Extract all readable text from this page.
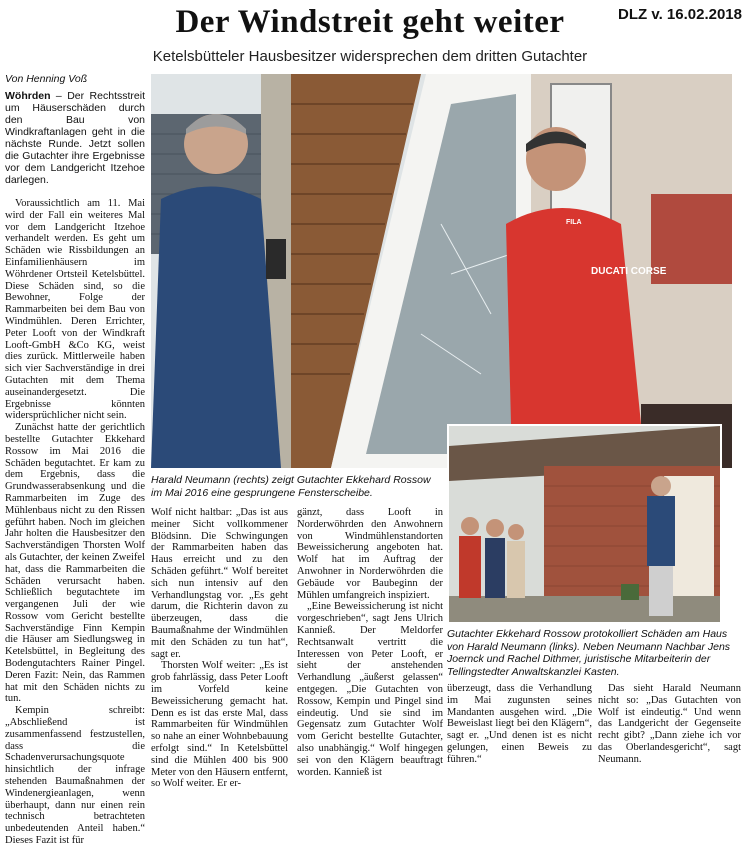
Der Windstreit geht weiter	DLZ v. 16.02.2018
Ketelsbütteler Hausbesitzer widersprechen dem dritten Gutachter
Von Henning Voß
Wöhrden – Der Rechtsstreit um Häuserschäden durch den Bau von Windkraftanlagen geht in die nächste Runde. Jetzt sollen die Gutachter ihre Ergebnisse vor dem Landgericht Itzehoe darlegen.

Voraussichtlich am 11. Mai wird der Fall ein weiteres Mal vor dem Landgericht Itzehoe verhandelt werden. Es geht um Schäden wie Rissbildungen an Einfamilienhäusern im Wöhrdener Ortsteil Ketelsbüttel. Diese Schäden sind, so die Bewohner, Folge der Rammarbeiten bei dem Bau von Windmühlen. Deren Errichter, Peter Looft von der Windkraft Looft-GmbH &Co KG, weist dies zurück. Mittlerweile haben sich vier Sachverständige in drei Gutachten mit dem Thema auseinandergesetzt. Die Ergebnisse könnten widersprüchlicher nicht sein.

Zunächst hatte der gerichtlich bestellte Gutachter Ekkehard Rossow im Mai 2016 die Schäden begutachtet. Er kam zu dem Ergebnis, dass die Grundwasserabsenkung und die Rammarbeiten im Zuge des Mühlenbaus nicht zu den Rissen geführt haben. Noch im gleichen Jahr holten die Hausbesitzer den Sachverständigen Thorsten Wolf als Gutachter, der keinen Zweifel hat, dass die Rammarbeiten die Schäden verursacht haben. Schließlich begutachtete im vergangenen Juli der wie Rossow vom Gericht bestellte Sachverständige Finn Kempin die Häuser am Siedlungsweg in Ketelsbüttel, in Begleitung des Bodengutachters Rainer Pingel. Deren Fazit: Nein, das Rammen hat mit den Schäden nichts zu tun.

Kempin schreibt: „Abschließend ist zusammenfassend festzustellen, dass die Schadenverursachungsquote hinsichtlich der infrage stehenden Baumaßnahmen der Windenergieanlagen, wenn überhaupt, dann nur einen rein technisch betrachteten unbedeutenden Anteil haben.“ Dieses Fazit ist für

DUCATI CORSE
FILA
Harald Neumann (rechts) zeigt Gutachter Ekkehard Rossow im Mai 2016 eine gesprungene Fensterscheibe.
Gutachter Ekkehard Rossow protokolliert Schäden am Haus von Harald Neumann (links). Neben Neumann Nachbar Jens Joernck und Rachel Dithmer, juristische Mitarbeiterin der Tellingstedter Anwaltskanzlei Kasten.

Wolf nicht haltbar: „Das ist aus meiner Sicht vollkommener Blödsinn. Die Schwingungen der Rammarbeiten haben das Haus erreicht und zu den Schäden geführt.“ Wolf bereitet sich nun intensiv auf den Verhandlungstag vor. „Es geht darum, die Richterin davon zu überzeugen, dass die Baumaßnahme der Windmühlen mit den Schäden zu tun hat“, sagt er.

Thorsten Wolf weiter: „Es ist grob fahrlässig, dass Peter Looft im Vorfeld keine Beweissicherung gemacht hat. Denn es ist das erste Mal, dass Rammarbeiten für Windmühlen so nahe an einer Wohnbebauung erfolgt sind.“ In Ketelsbüttel sind die Mühlen 400 bis 900 Meter von den Häusern entfernt, so Wolf weiter. Er er-

gänzt, dass Looft in Norderwöhrden den Anwohnern von Windmühlenstandorten Beweissicherung angeboten hat. Wolf hat im Auftrag der Anwohner in Norderwöhrden die Gebäude vor Baubeginn der Mühlen umfangreich inspiziert.

„Eine Beweissicherung ist nicht vorgeschrieben“, sagt Jens Ulrich Kannieß. Der Meldorfer Rechtsanwalt vertritt die Interessen von Peter Looft, er sieht der anstehenden Verhandlung „äußerst gelassen“ entgegen. „Die Gutachten von Rossow, Kempin und Pingel sind eindeutig. Und sie sind im Gegensatz zum Gutachter Wolf vom Gericht bestellte Gutachter, also unabhängig.“ Wolf hingegen sei von den Klägern beauftragt worden. Kannieß ist

überzeugt, dass die Verhandlung im Mai zugunsten seines Mandanten ausgehen wird. „Die Beweislast liegt bei den Klägern“, sagt er. „Und denen ist es nicht gelungen, einen Beweis zu führen.“

Das sieht Harald Neumann nicht so: „Das Gutachten von Wolf ist eindeutig.“ Und wenn das Landgericht der Gegenseite recht gibt? „Dann ziehe ich vor das Oberlandesgericht“, sagt Neumann.
